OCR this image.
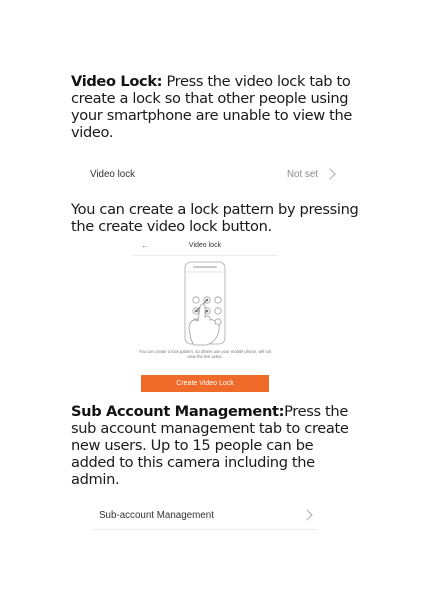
Video Lock: Press the video lock tab to create a lock so that other people using your smartphone are unable to view the video.

Video lock	Not set

You can create a lock pattern by pressing the create video lock button.

←	Video lock
You can create a lock pattern, so others use your mobile phone, will not view the live video.
Create Video Lock

Sub Account Management:Press the sub account management tab to create new users. Up to 15 people can be added to this camera including the admin.

Sub-account Management
